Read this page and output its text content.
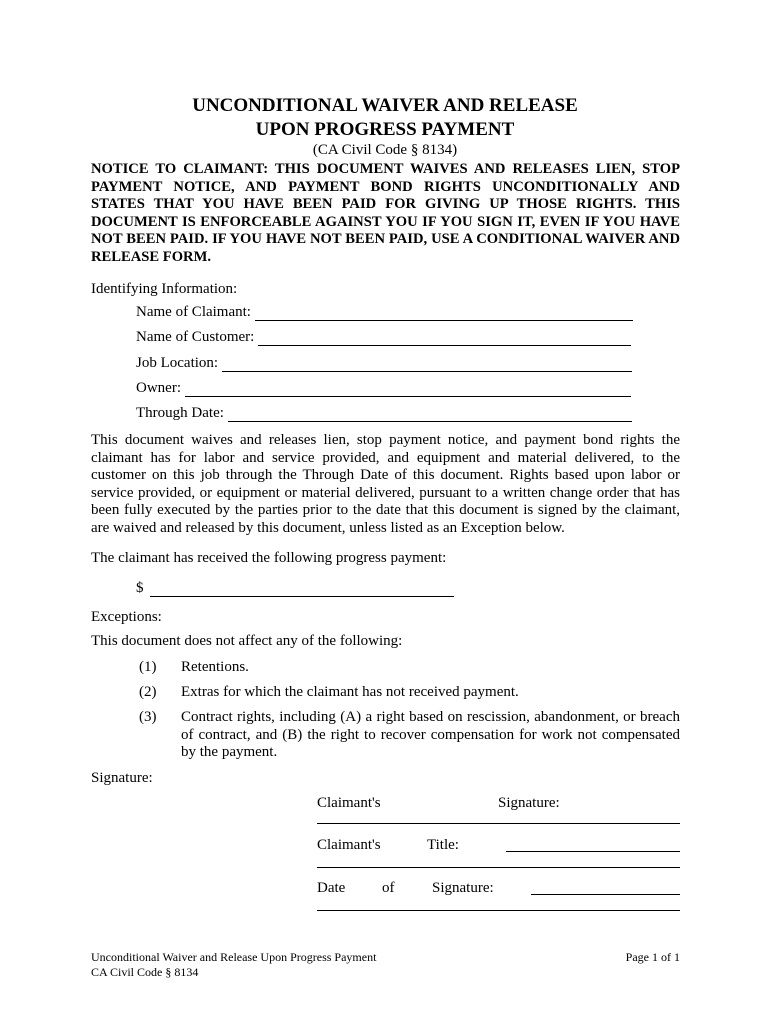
UNCONDITIONAL WAIVER AND RELEASE
UPON PROGRESS PAYMENT
(CA Civil Code § 8134)
NOTICE TO CLAIMANT: THIS DOCUMENT WAIVES AND RELEASES LIEN, STOP PAYMENT NOTICE, AND PAYMENT BOND RIGHTS UNCONDITIONALLY AND STATES THAT YOU HAVE BEEN PAID FOR GIVING UP THOSE RIGHTS. THIS DOCUMENT IS ENFORCEABLE AGAINST YOU IF YOU SIGN IT, EVEN IF YOU HAVE NOT BEEN PAID. IF YOU HAVE NOT BEEN PAID, USE A CONDITIONAL WAIVER AND RELEASE FORM.
Identifying Information:
Name of Claimant:
Name of Customer:
Job Location:
Owner:
Through Date:
This document waives and releases lien, stop payment notice, and payment bond rights the claimant has for labor and service provided, and equipment and material delivered, to the customer on this job through the Through Date of this document. Rights based upon labor or service provided, or equipment or material delivered, pursuant to a written change order that has been fully executed by the parties prior to the date that this document is signed by the claimant, are waived and released by this document, unless listed as an Exception below.
The claimant has received the following progress payment:
$
Exceptions:
This document does not affect any of the following:
(1) Retentions.
(2) Extras for which the claimant has not received payment.
(3) Contract rights, including (A) a right based on rescission, abandonment, or breach of contract, and (B) the right to recover compensation for work not compensated by the payment.
Signature:
Claimant's	Signature:
Claimant's	Title:
Date of	Signature:
Unconditional Waiver and Release Upon Progress Payment
CA Civil Code § 8134
Page 1 of 1
